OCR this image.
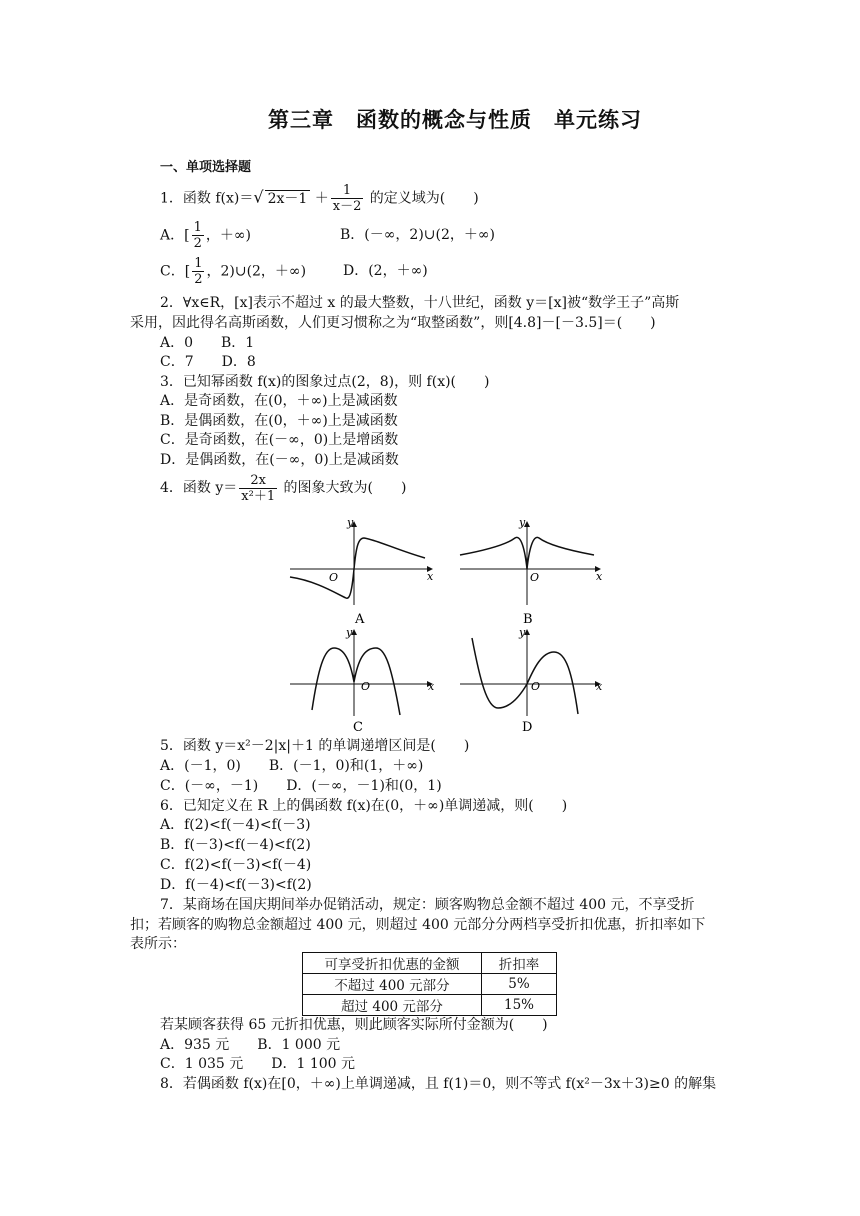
第三章　函数的概念与性质　单元练习
一、单项选择题
1．函数 f(x)＝√ $2x-1 + \frac{1}{x-2}$ 的定义域为(　　)
A．[ $\frac{1}{2}$ ，＋∞)	B．(－∞，2)∪(2，＋∞)
C．[ $\frac{1}{2}$ ，2)∪(2，＋∞)	D．(2，＋∞)
2．∀x∈R，[x]表示不超过 x 的最大整数，十八世纪，函数 y＝[x]被“数学王子”高斯
采用，因此得名高斯函数，人们更习惯称之为“取整函数”，则[4.8]－[－3.5]＝(　　)
A．0　　B．1
C．7　　D．8
3．已知幂函数 f(x)的图象过点(2，8)，则 f(x)(　　)
A．是奇函数，在(0，＋∞)上是减函数
B．是偶函数，在(0，＋∞)上是减函数
C．是奇函数，在(－∞，0)上是增函数
D．是偶函数，在(－∞，0)上是减函数
4．函数 $y= \frac{2x}{\text{x²＋1}}$ 的图象大致为(　　)
x
y
O
A
x
y
O
B
x
y
O
C
x
y
O
D
5．函数 y＝x²－2|x|＋1 的单调递增区间是(　　)
A．(－1，0)　　B．(－1，0)和(1，＋∞)
C．(－∞，－1)　　D．(－∞，－1)和(0，1)
6．已知定义在 R 上的偶函数 f(x)在(0，＋∞)单调递减，则(　　)
A．f(2)<f(－4)<f(－3)
B．f(－3)<f(－4)<f(2)
C．f(2)<f(－3)<f(－4)
D．f(－4)<f(－3)<f(2)
7．某商场在国庆期间举办促销活动，规定：顾客购物总金额不超过 400 元，不享受折
扣；若顾客的购物总金额超过 400 元，则超过 400 元部分分两档享受折扣优惠，折扣率如下
表所示：
可享受折扣优惠的金额	折扣率
不超过 400 元部分	5%
超过 400 元部分	15%
若某顾客获得 65 元折扣优惠，则此顾客实际所付金额为(　　)
A．935 元　　B．1 000 元
C．1 035 元　　D．1 100 元
8．若偶函数 f(x)在[0，＋∞)上单调递减，且 f(1)＝0，则不等式 f(x²－3x＋3)≥0 的解集
